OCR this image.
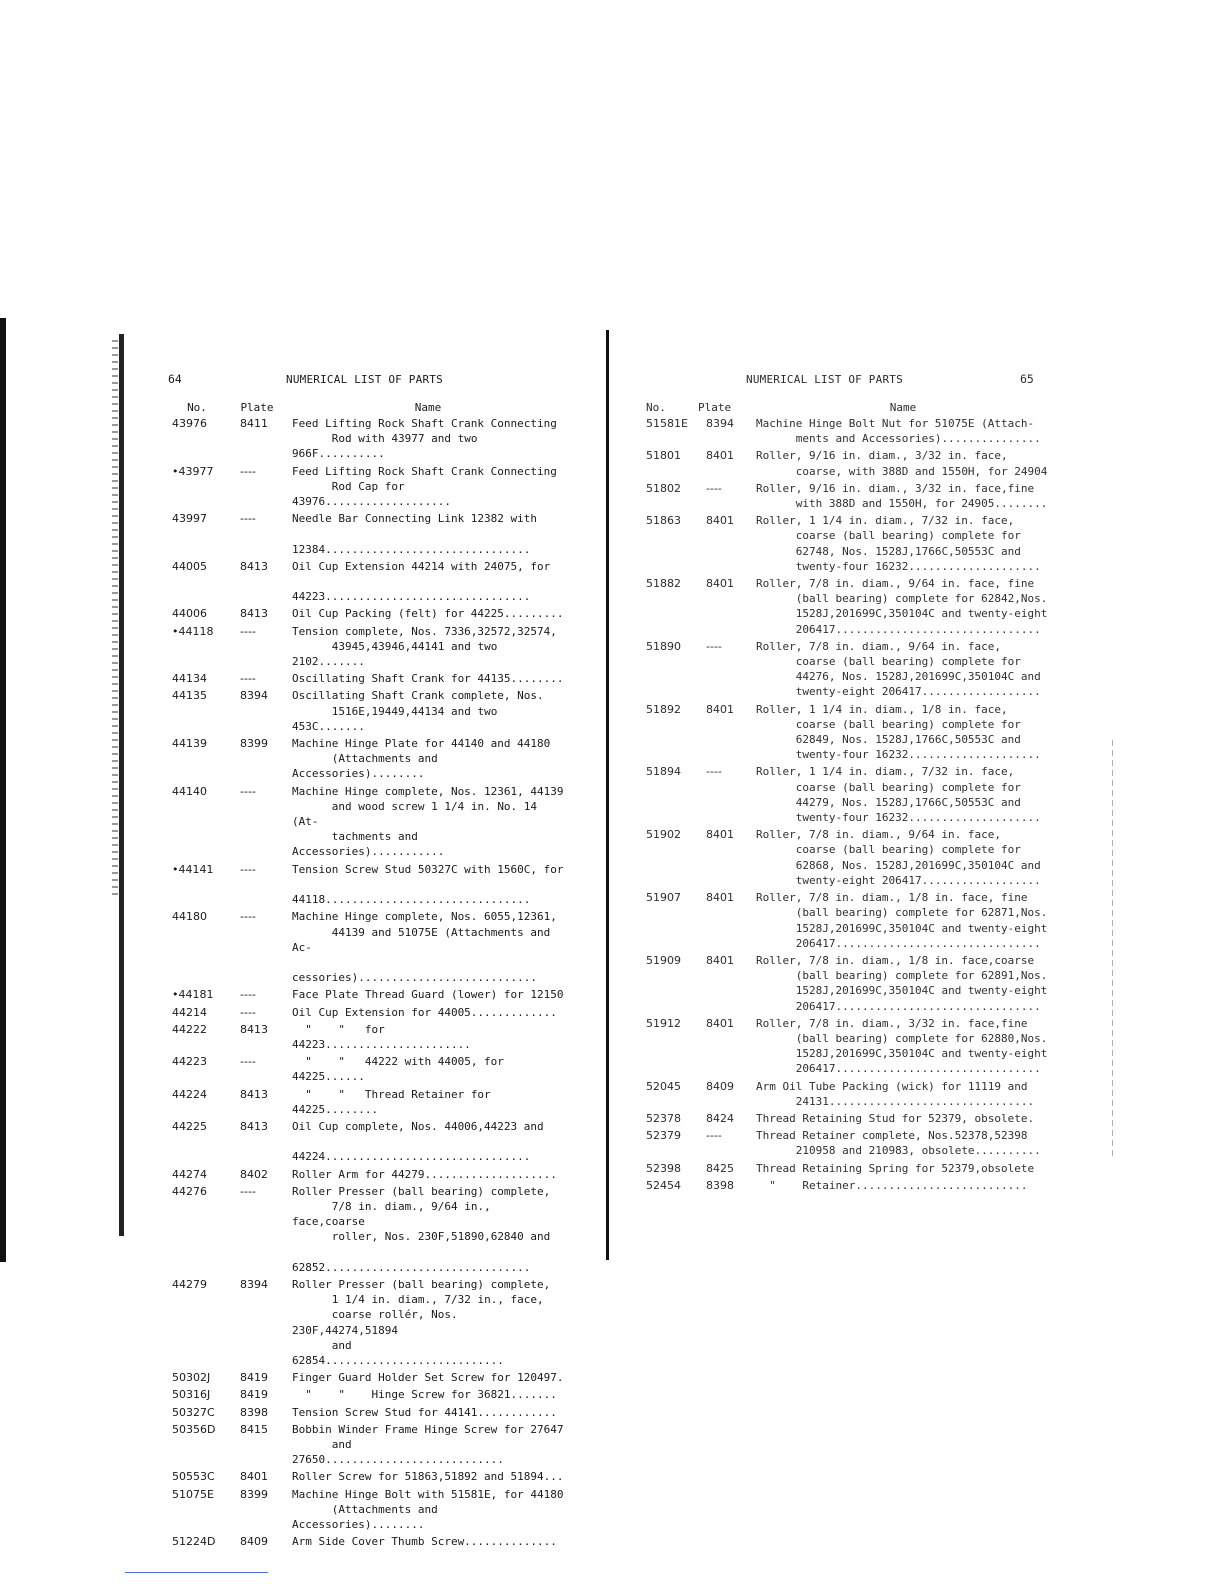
64	NUMERICAL LIST OF PARTS
No.	Plate	Name
43976	8411	Feed Lifting Rock Shaft Crank Connecting
Rod with 43977 and two 966F..........
•43977	----	Feed Lifting Rock Shaft Crank Connecting
Rod Cap for 43976...................
43997	----	Needle Bar Connecting Link 12382 with
12384...............................
44005	8413	Oil Cup Extension 44214 with 24075, for
44223...............................
44006	8413	Oil Cup Packing (felt) for 44225.........
•44118	----	Tension complete, Nos. 7336,32572,32574,
43945,43946,44141 and two 2102.......
44134	----	Oscillating Shaft Crank for 44135........
44135	8394	Oscillating Shaft Crank complete, Nos.
1516E,19449,44134 and two 453C.......
44139	8399	Machine Hinge Plate for 44140 and 44180
(Attachments and Accessories)........
44140	----	Machine Hinge complete, Nos. 12361, 44139
and wood screw 1 1/4 in. No. 14 (At-
tachments and Accessories)...........
•44141	----	Tension Screw Stud 50327C with 1560C, for
44118...............................
44180	----	Machine Hinge complete, Nos. 6055,12361,
44139 and 51075E (Attachments and Ac-
cessories)...........................
•44181	----	Face Plate Thread Guard (lower) for 12150
44214	----	Oil Cup Extension for 44005.............
44222	8413	"    "   for 44223......................
44223	----	"    "   44222 with 44005, for 44225......
44224	8413	"    "   Thread Retainer for 44225........
44225	8413	Oil Cup complete, Nos. 44006,44223 and
44224...............................
44274	8402	Roller Arm for 44279....................
44276	----	Roller Presser (ball bearing) complete,
7/8 in. diam., 9/64 in., face,coarse
roller, Nos. 230F,51890,62840 and
62852...............................
44279	8394	Roller Presser (ball bearing) complete,
1 1/4 in. diam., 7/32 in., face,
coarse rollér, Nos. 230F,44274,51894
and 62854...........................
50302J	8419	Finger Guard Holder Set Screw for 120497.
50316J	8419	"    "    Hinge Screw for 36821.......
50327C	8398	Tension Screw Stud for 44141............
50356D	8415	Bobbin Winder Frame Hinge Screw for 27647
and 27650...........................
50553C	8401	Roller Screw for 51863,51892 and 51894...
51075E	8399	Machine Hinge Bolt with 51581E, for 44180
(Attachments and Accessories)........
51224D	8409	Arm Side Cover Thumb Screw..............
NUMERICAL LIST OF PARTS	65
No.	Plate	Name
51581E	8394	Machine Hinge Bolt Nut for 51075E (Attach-
ments and Accessories)...............
51801	8401	Roller, 9/16 in. diam., 3/32 in. face,
coarse, with 388D and 1550H, for 24904
51802	----	Roller, 9/16 in. diam., 3/32 in. face,fine
with 388D and 1550H, for 24905........
51863	8401	Roller, 1 1/4 in. diam., 7/32 in. face,
coarse (ball bearing) complete for
62748, Nos. 1528J,1766C,50553C and
twenty-four 16232....................
51882	8401	Roller, 7/8 in. diam., 9/64 in. face, fine
(ball bearing) complete for 62842,Nos.
1528J,201699C,350104C and twenty-eight
206417...............................
51890	----	Roller, 7/8 in. diam., 9/64 in. face,
coarse (ball bearing) complete for
44276, Nos. 1528J,201699C,350104C and
twenty-eight 206417..................
51892	8401	Roller, 1 1/4 in. diam., 1/8 in. face,
coarse (ball bearing) complete for
62849, Nos. 1528J,1766C,50553C and
twenty-four 16232....................
51894	----	Roller, 1 1/4 in. diam., 7/32 in. face,
coarse (ball bearing) complete for
44279, Nos. 1528J,1766C,50553C and
twenty-four 16232....................
51902	8401	Roller, 7/8 in. diam., 9/64 in. face,
coarse (ball bearing) complete for
62868, Nos. 1528J,201699C,350104C and
twenty-eight 206417..................
51907	8401	Roller, 7/8 in. diam., 1/8 in. face, fine
(ball bearing) complete for 62871,Nos.
1528J,201699C,350104C and twenty-eight
206417...............................
51909	8401	Roller, 7/8 in. diam., 1/8 in. face,coarse
(ball bearing) complete for 62891,Nos.
1528J,201699C,350104C and twenty-eight
206417...............................
51912	8401	Roller, 7/8 in. diam., 3/32 in. face,fine
(ball bearing) complete for 62880,Nos.
1528J,201699C,350104C and twenty-eight
206417...............................
52045	8409	Arm Oil Tube Packing (wick) for 11119 and
24131...............................
52378	8424	Thread Retaining Stud for 52379, obsolete.
52379	----	Thread Retainer complete, Nos.52378,52398
210958 and 210983, obsolete..........
52398	8425	Thread Retaining Spring for 52379,obsolete
52454	8398	"    Retainer..........................
